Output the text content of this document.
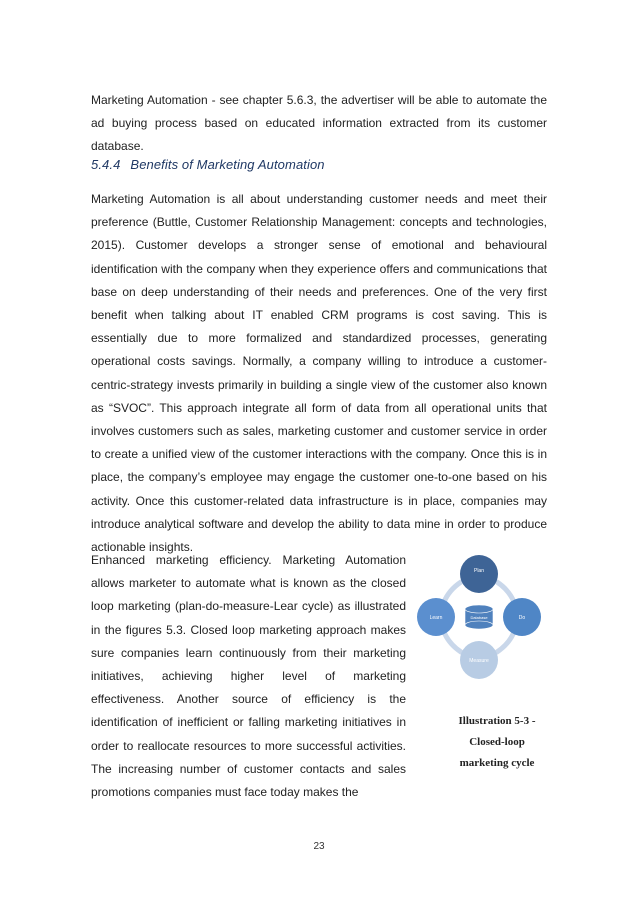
Marketing Automation - see chapter 5.6.3, the advertiser will be able to automate the ad buying process based on educated information extracted from its customer database.

5.4.4 Benefits of Marketing Automation

Marketing Automation is all about understanding customer needs and meet their preference (Buttle, Customer Relationship Management: concepts and technologies, 2015). Customer develops a stronger sense of emotional and behavioural identification with the company when they experience offers and communications that base on deep understanding of their needs and preferences. One of the very first benefit when talking about IT enabled CRM programs is cost saving. This is essentially due to more formalized and standardized processes, generating operational costs savings. Normally, a company willing to introduce a customer-centric-strategy invests primarily in building a single view of the customer also known as “SVOC”. This approach integrate all form of data from all operational units that involves customers such as sales, marketing customer and customer service in order to create a unified view of the customer interactions with the company. Once this is in place, the company’s employee may engage the customer one-to-one based on his activity. Once this customer-related data infrastructure is in place, companies may introduce analytical software and develop the ability to data mine in order to produce actionable insights.

Enhanced marketing efficiency. Marketing Automation allows marketer to automate what is known as the closed loop marketing (plan-do-measure-Lear cycle) as illustrated in the figures 5.3. Closed loop marketing approach makes sure companies learn continuously from their marketing initiatives, achieving higher level of marketing effectiveness. Another source of efficiency is the identification of inefficient or falling marketing initiatives in order to reallocate resources to more successful activities. The increasing number of customer contacts and sales promotions companies must face today makes the

Plan
Do
Measure
Learn	Database
Illustration 5-3 -
Closed-loop
marketing cycle
23
